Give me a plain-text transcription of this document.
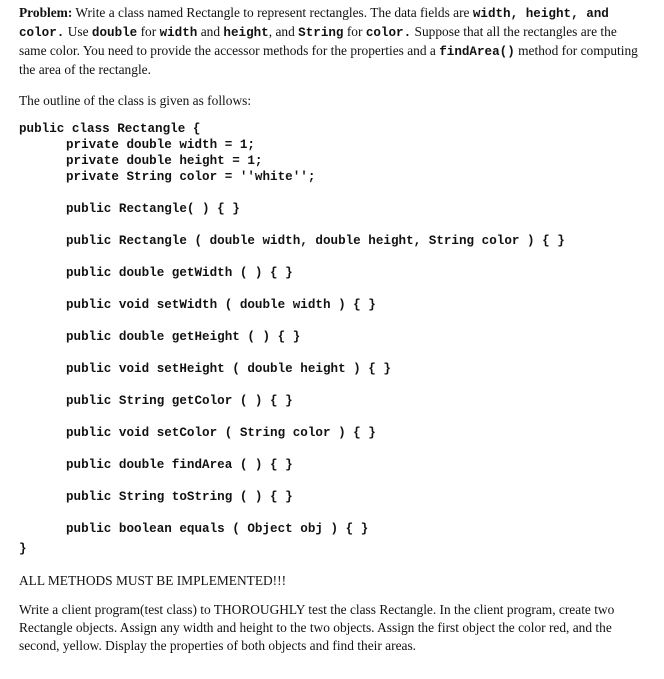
Problem: Write a class named Rectangle to represent rectangles. The data fields are width, height, and color. Use double for width and height, and String for color. Suppose that all the rectangles are the same color. You need to provide the accessor methods for the properties and a findArea() method for computing the area of the rectangle.

The outline of the class is given as follows:

public class Rectangle {
private double width = 1;
private double height = 1;
private String color = ''white'';
public Rectangle( ) { }
public Rectangle ( double width, double height, String color ) { }
public double getWidth ( ) { }
public void setWidth ( double width ) { }
public double getHeight ( ) { }
public void setHeight ( double height ) { }
public String getColor ( ) { }
public void setColor ( String color ) { }
public double findArea ( ) { }
public String toString ( ) { }
public boolean equals ( Object obj ) { }
}

ALL METHODS MUST BE IMPLEMENTED!!!

Write a client program(test class) to THOROUGHLY test the class Rectangle. In the client program, create two Rectangle objects. Assign any width and height to the two objects. Assign the first object the color red, and the second, yellow. Display the properties of both objects and find their areas.
